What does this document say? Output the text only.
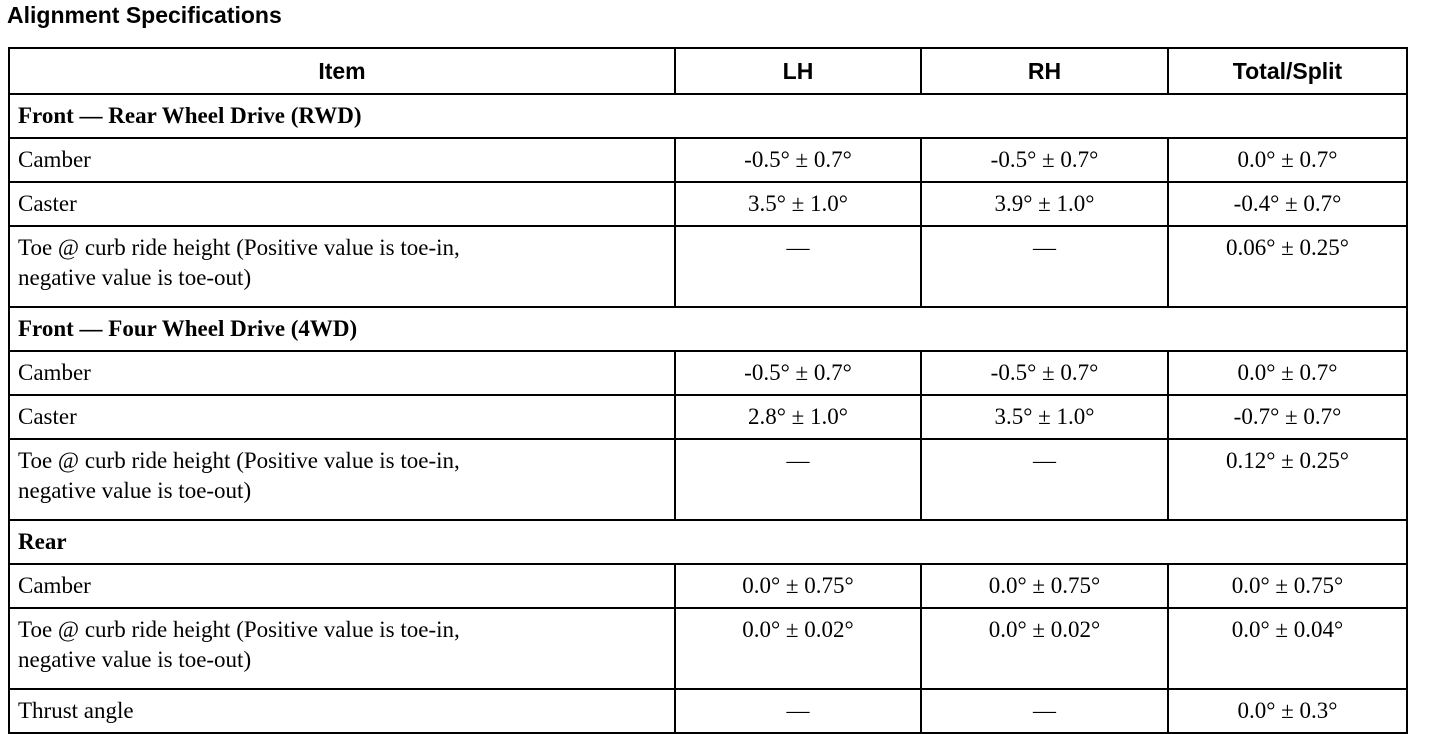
Alignment Specifications
Item	LH	RH	Total/Split
Front — Rear Wheel Drive (RWD)			
Camber	-0.5° ± 0.7°	-0.5° ± 0.7°	0.0° ± 0.7°
Caster	3.5° ± 1.0°	3.9° ± 1.0°	-0.4° ± 0.7°

Toe @ curb ride height (Positive value is toe-in,
negative value is toe-out)	—	—	0.06° ± 0.25°
Front — Four Wheel Drive (4WD)			
Camber	-0.5° ± 0.7°	-0.5° ± 0.7°	0.0° ± 0.7°
Caster	2.8° ± 1.0°	3.5° ± 1.0°	-0.7° ± 0.7°

Toe @ curb ride height (Positive value is toe-in,
negative value is toe-out)	—	—	0.12° ± 0.25°
Rear			
Camber	0.0° ± 0.75°	0.0° ± 0.75°	0.0° ± 0.75°

Toe @ curb ride height (Positive value is toe-in,
negative value is toe-out)	0.0° ± 0.02°	0.0° ± 0.02°	0.0° ± 0.04°
Thrust angle	—	—	0.0° ± 0.3°
